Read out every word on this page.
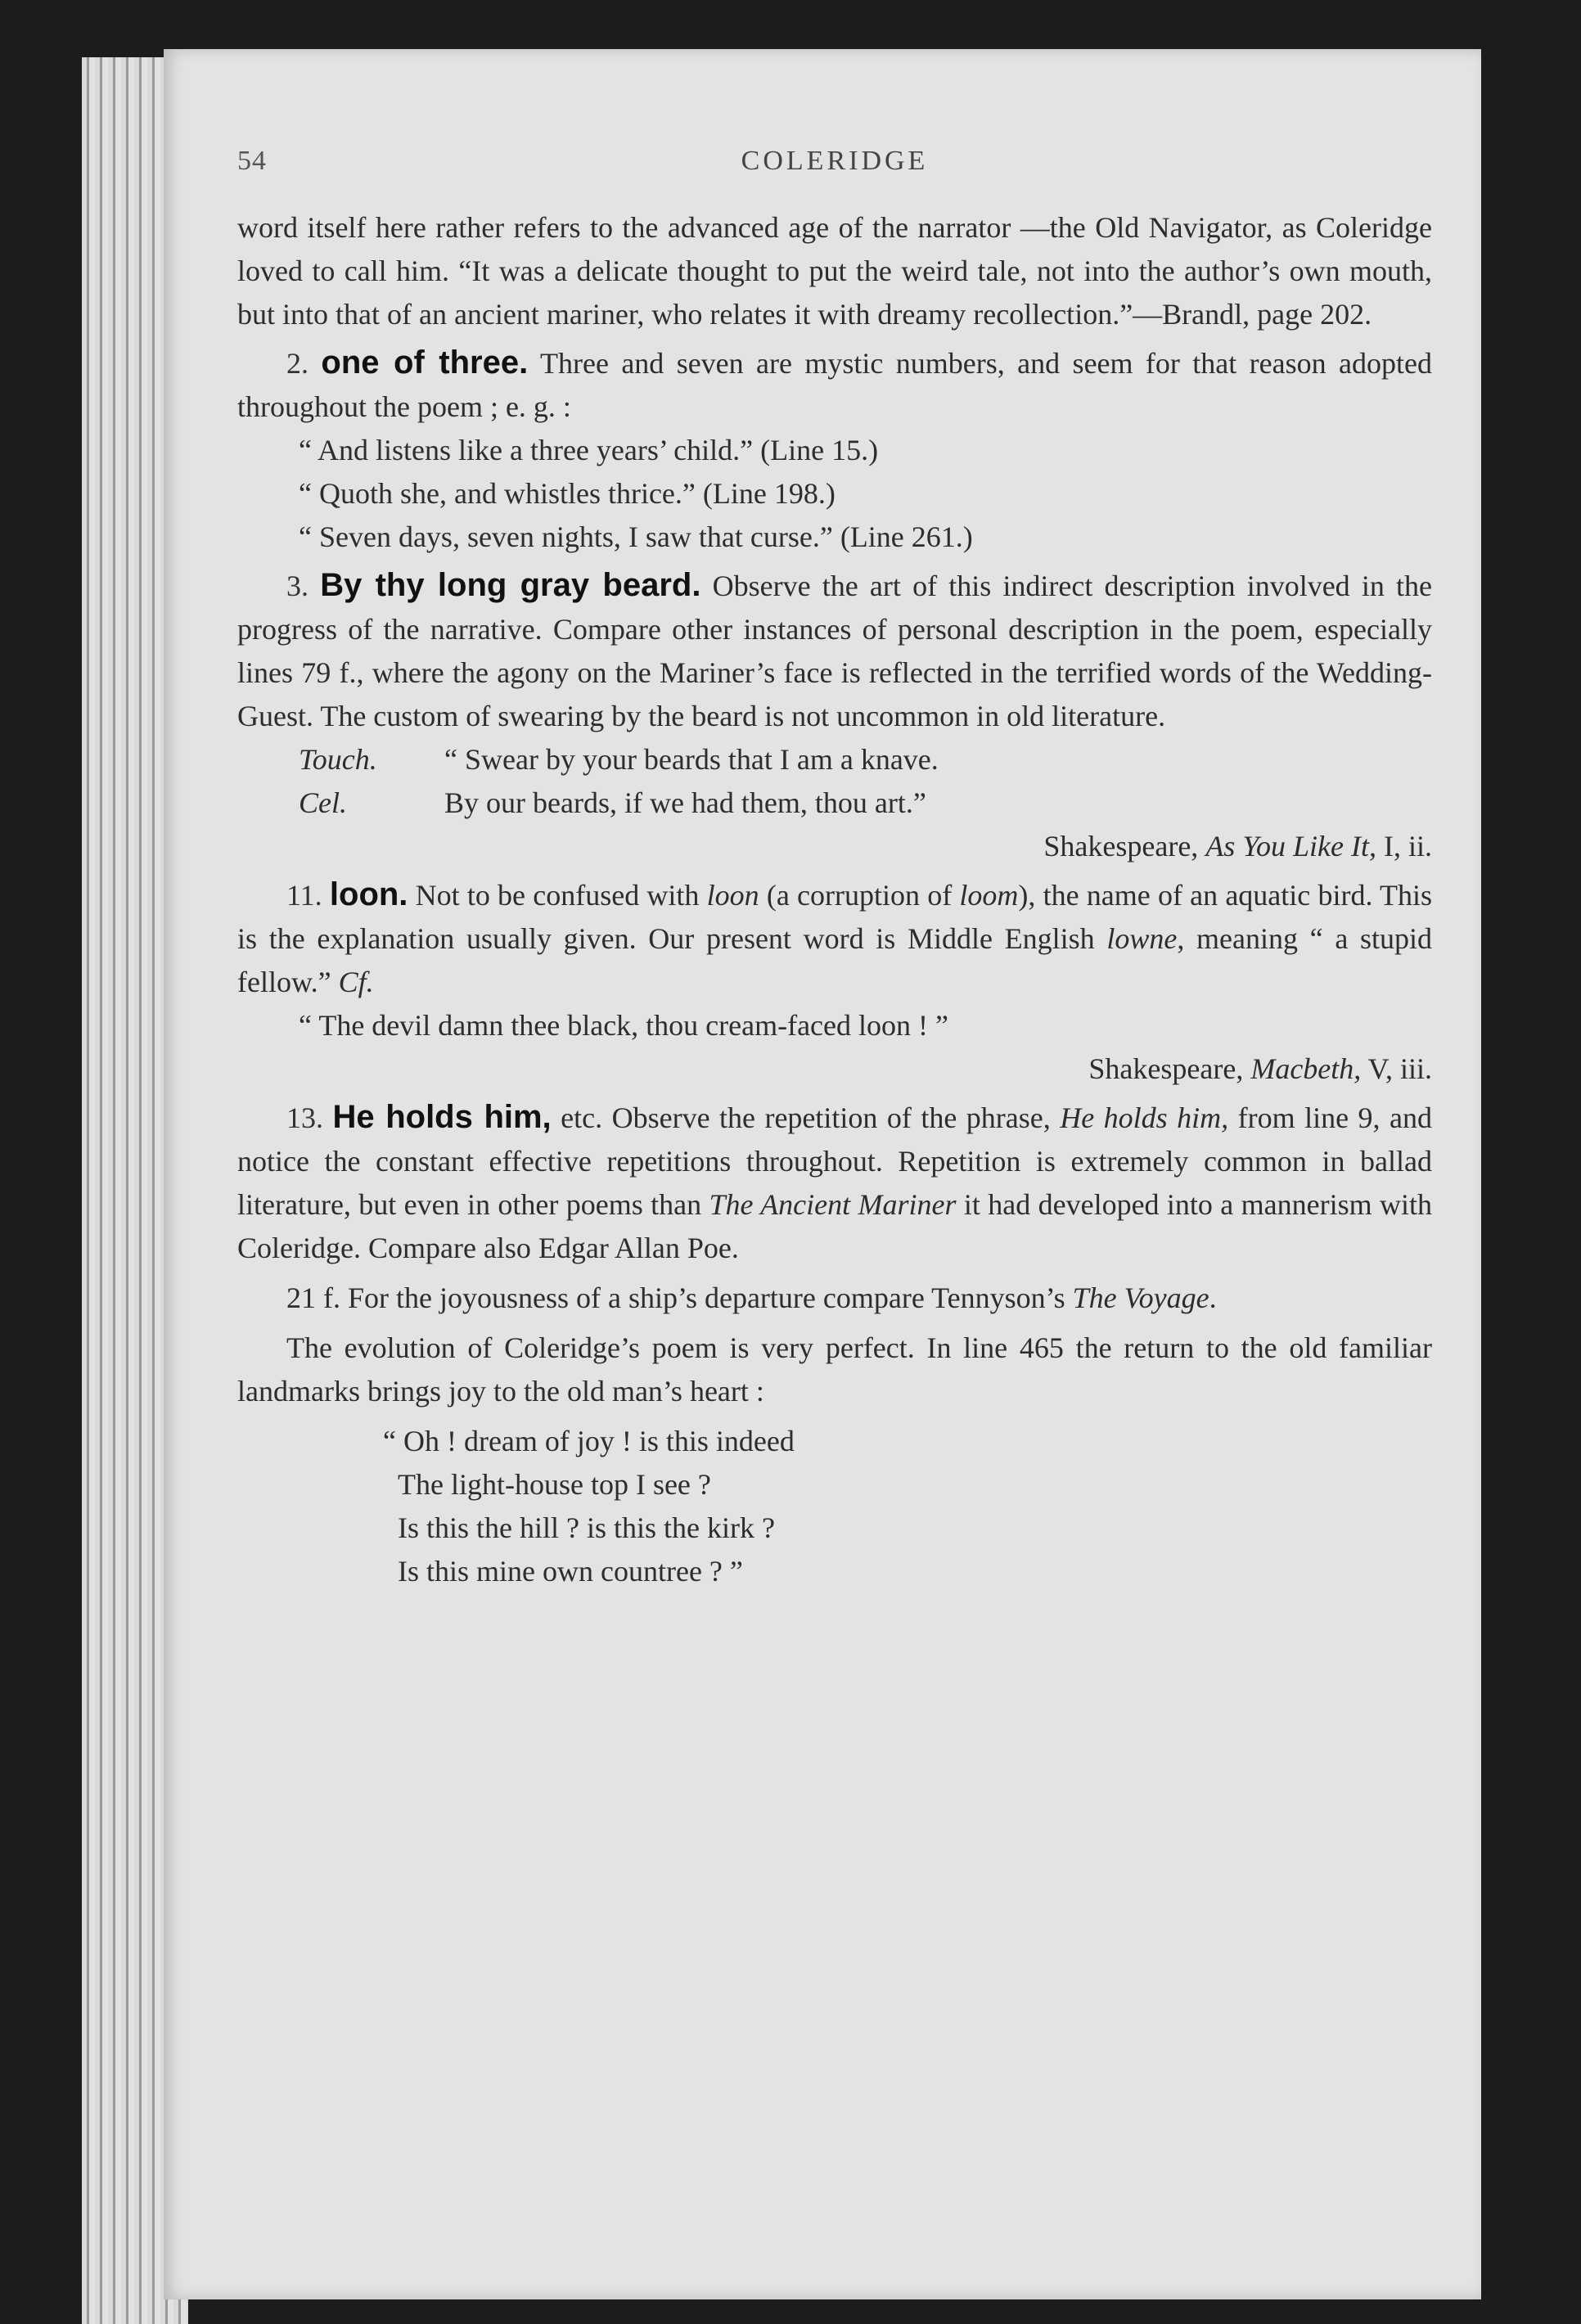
54	COLERIDGE

word itself here rather refers to the advanced age of the narrator —the Old Navigator, as Coleridge loved to call him. “It was a delicate thought to put the weird tale, not into the author’s own mouth, but into that of an ancient mariner, who relates it with dreamy recollection.”—Brandl, page 202.

2. one of three. Three and seven are mystic numbers, and seem for that reason adopted throughout the poem ; e. g. :

“ And listens like a three years’ child.” (Line 15.)
“ Quoth she, and whistles thrice.” (Line 198.)
“ Seven days, seven nights, I saw that curse.” (Line 261.)

3. By thy long gray beard. Observe the art of this indirect description involved in the progress of the narrative. Compare other instances of personal description in the poem, especially lines 79 f., where the agony on the Mariner’s face is reflected in the terrified words of the Wedding-Guest. The custom of swearing by the beard is not uncommon in old literature.

Touch. “ Swear by your beards that I am a knave.
Cel.	By our beards, if we had them, thou art.”
Shakespeare, As You Like It, I, ii.

11. loon. Not to be confused with loon (a corruption of loom), the name of an aquatic bird. This is the explanation usually given. Our present word is Middle English lowne, meaning “ a stupid fellow.” Cf.

“ The devil damn thee black, thou cream-faced loon ! ”
Shakespeare, Macbeth, V, iii.

13. He holds him, etc. Observe the repetition of the phrase, He holds him, from line 9, and notice the constant effective repetitions throughout. Repetition is extremely common in ballad literature, but even in other poems than The Ancient Mariner it had developed into a mannerism with Coleridge. Compare also Edgar Allan Poe.

21 f. For the joyousness of a ship’s departure compare Tennyson’s The Voyage.

The evolution of Coleridge’s poem is very perfect. In line 465 the return to the old familiar landmarks brings joy to the old man’s heart :

“ Oh ! dream of joy ! is this indeed
The light-house top I see ?
Is this the hill ? is this the kirk ?
Is this mine own countree ? ”
